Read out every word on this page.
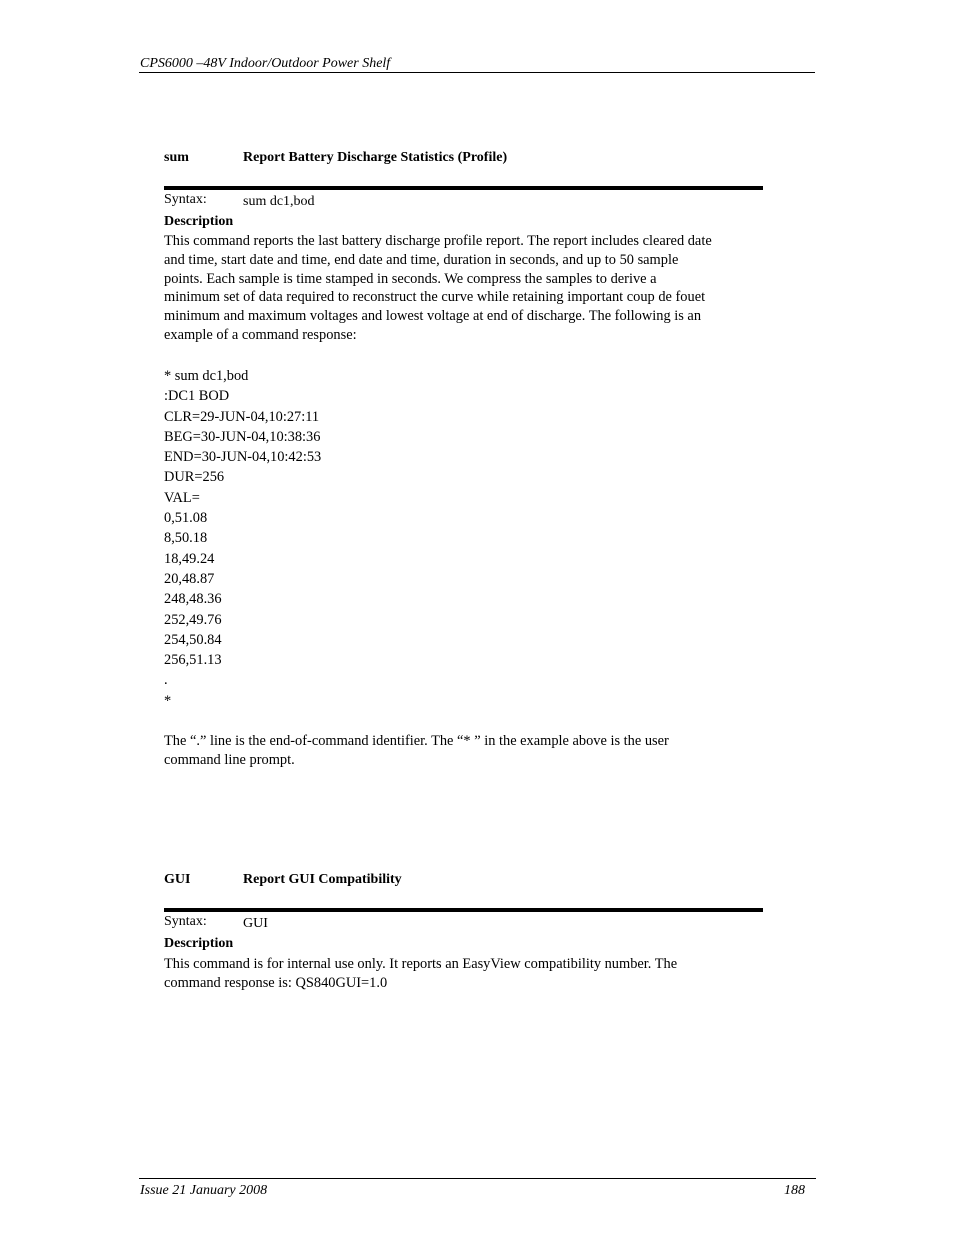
CPS6000 –48V Indoor/Outdoor Power Shelf
sum	Report Battery Discharge Statistics (Profile)
Syntax:	sum dc1,bod
Description
This command reports the last battery discharge profile report. The report includes cleared date
and time, start date and time, end date and time, duration in seconds, and up to 50 sample
points. Each sample is time stamped in seconds. We compress the samples to derive a
minimum set of data required to reconstruct the curve while retaining important coup de fouet
minimum and maximum voltages and lowest voltage at end of discharge. The following is an
example of a command response:
* sum dc1,bod
:DC1 BOD
CLR=29-JUN-04,10:27:11
BEG=30-JUN-04,10:38:36
END=30-JUN-04,10:42:53
DUR=256
VAL=
0,51.08
8,50.18
18,49.24
20,48.87
248,48.36
252,49.76
254,50.84
256,51.13
.
*
The “.” line is the end-of-command identifier. The “* ” in the example above is the user
command line prompt.
GUI	Report GUI Compatibility
Syntax:	GUI
Description
This command is for internal use only. It reports an EasyView compatibility number. The
command response is: QS840GUI=1.0
Issue 21 January 2008	188
